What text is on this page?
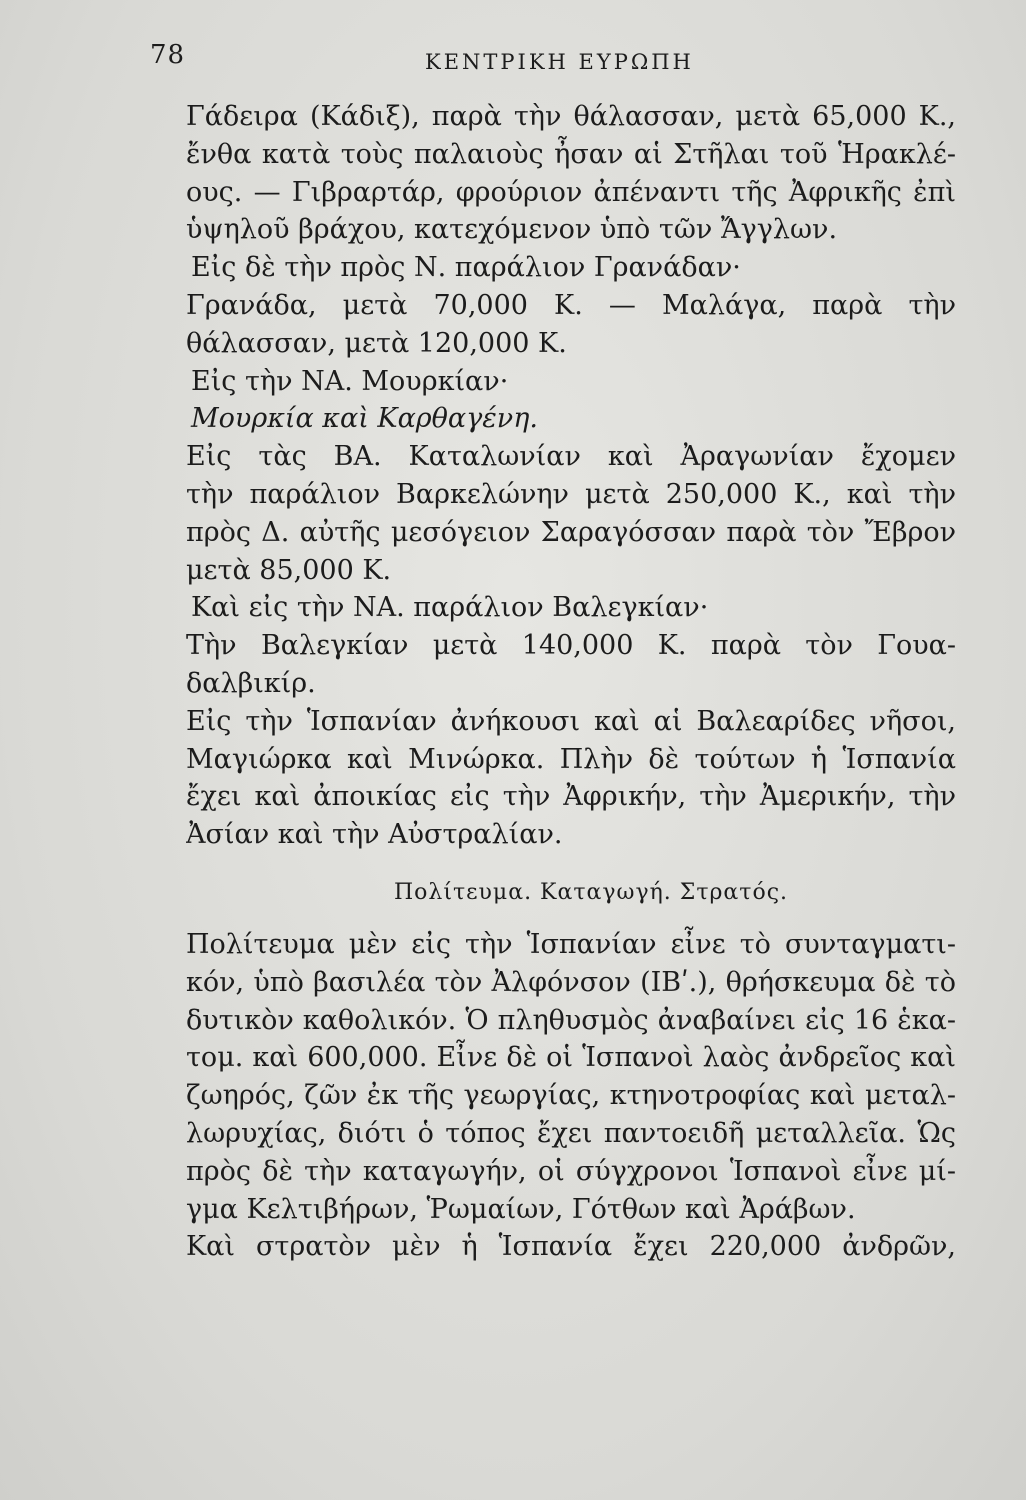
78	ΚΕΝΤΡΙΚΗ ΕΥΡΩΠΗ
Γάδειρα (Κάδιξ), παρὰ τὴν θάλασσαν, μετὰ 65,000 Κ.,
ἔνθα κατὰ τοὺς παλαιοὺς ἦσαν αἱ Στῆλαι τοῦ Ἡρακλέ-
ους. — Γιβραρτάρ, φρούριον ἀπέναντι τῆς Ἀφρικῆς ἐπὶ
ὑψηλοῦ βράχου, κατεχόμενον ὑπὸ τῶν Ἄγγλων.
Εἰς δὲ τὴν πρὸς Ν. παράλιον Γρανάδαν·
Γρανάδα, μετὰ 70,000 Κ. — Μαλάγα, παρὰ τὴν
θάλασσαν, μετὰ 120,000 Κ.
Εἰς τὴν ΝΑ. Μουρκίαν·
Μουρκία καὶ Καρθαγένη.
Εἰς τὰς ΒΑ. Καταλωνίαν καὶ Ἀραγωνίαν ἔχομεν
τὴν παράλιον Βαρκελώνην μετὰ 250,000 Κ., καὶ τὴν
πρὸς Δ. αὐτῆς μεσόγειον Σαραγόσσαν παρὰ τὸν Ἔβρον
μετὰ 85,000 Κ.
Καὶ εἰς τὴν ΝΑ. παράλιον Βαλεγκίαν·
Τὴν Βαλεγκίαν μετὰ 140,000 Κ. παρὰ τὸν Γουα-
δαλβικίρ.
Εἰς τὴν Ἱσπανίαν ἀνήκουσι καὶ αἱ Βαλεαρίδες νῆσοι,
Μαγιώρκα καὶ Μινώρκα. Πλὴν δὲ τούτων ἡ Ἱσπανία
ἔχει καὶ ἀποικίας εἰς τὴν Ἀφρικήν, τὴν Ἀμερικήν, τὴν
Ἀσίαν καὶ τὴν Αὐστραλίαν.
Πολίτευμα. Καταγωγή. Στρατός.
Πολίτευμα μὲν εἰς τὴν Ἱσπανίαν εἶνε τὸ συνταγματι-
κόν, ὑπὸ βασιλέα τὸν Ἀλφόνσον (ΙΒʹ.), θρήσκευμα δὲ τὸ
δυτικὸν καθολικόν. Ὁ πληθυσμὸς ἀναβαίνει εἰς 16 ἑκα-
τομ. καὶ 600,000. Εἶνε δὲ οἱ Ἱσπανοὶ λαὸς ἀνδρεῖος καὶ
ζωηρός, ζῶν ἐκ τῆς γεωργίας, κτηνοτροφίας καὶ μεταλ-
λωρυχίας, διότι ὁ τόπος ἔχει παντοειδῆ μεταλλεῖα. Ὡς
πρὸς δὲ τὴν καταγωγήν, οἱ σύγχρονοι Ἱσπανοὶ εἶνε μί-
γμα Κελτιβήρων, Ῥωμαίων, Γότθων καὶ Ἀράβων.
Καὶ στρατὸν μὲν ἡ Ἱσπανία ἔχει 220,000 ἀνδρῶν,
